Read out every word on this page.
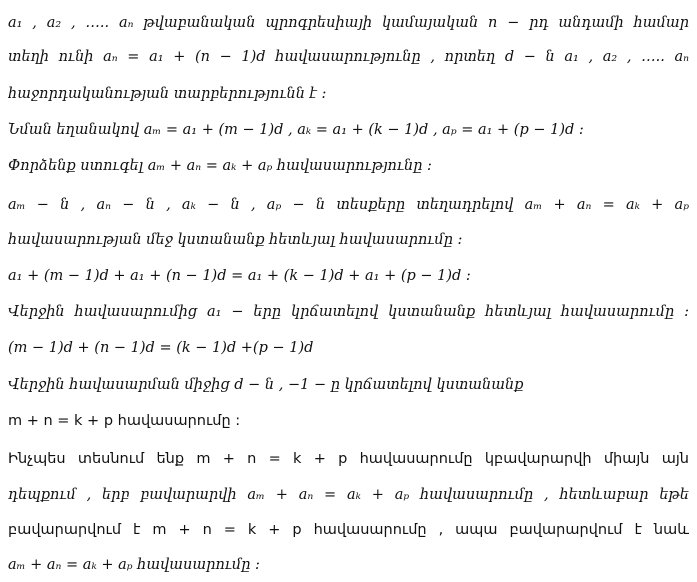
a₁ , a₂ , ….. aₙ թվաբանական պրոգրեսիայի կամայական n − րդ անդամի համար
տեղի ունի aₙ = a₁ + (n − 1)d հավասարությունը , որտեղ d − ն a₁ , a₂ , ….. aₙ
հաջորդականության տարբերությունն է :
Նման եղանակով aₘ = a₁ + (m − 1)d , aₖ = a₁ + (k − 1)d , aₚ = a₁ + (p − 1)d :
Փորձենք ստուգել aₘ + aₙ = aₖ + aₚ հավասարությունը :
aₘ − ն , aₙ − ն , aₖ − ն , aₚ − ն տեսքերը տեղադրելով aₘ + aₙ = aₖ + aₚ
հավասարության մեջ կստանանք հետևյալ հավասարումը :
a₁ + (m − 1)d + a₁ + (n − 1)d = a₁ + (k − 1)d + a₁ + (p − 1)d :
Վերջին հավասարումից a₁ − երը կրճատելով կստանանք հետևյալ հավասարումը :
(m − 1)d + (n − 1)d = (k − 1)d +(p − 1)d
Վերջին հավասարման միջից d − ն , −1 − ը կրճատելով կստանանք
m + n = k + p հավասարումը :
Ինչպես տեսնում ենք m + n = k + p հավասարումը կբավարարվի միայն այն
դեպքում , երբ բավարարվի aₘ + aₙ = aₖ + aₚ հավասարումը , հետևաբար եթե
բավարարվում է m + n = k + p հավասարումը , ապա բավարարվում է նաև
aₘ + aₙ = aₖ + aₚ հավասարումը :
